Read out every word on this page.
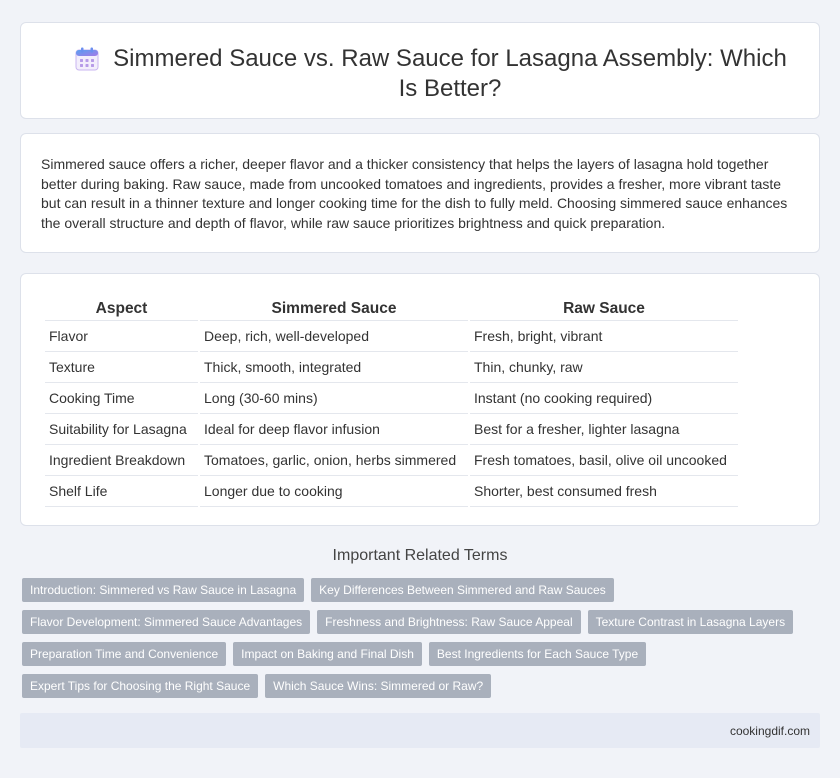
Simmered Sauce vs. Raw Sauce for Lasagna Assembly: Which Is Better?

Simmered sauce offers a richer, deeper flavor and a thicker consistency that helps the layers of lasagna hold together better during baking. Raw sauce, made from uncooked tomatoes and ingredients, provides a fresher, more vibrant taste but can result in a thinner texture and longer cooking time for the dish to fully meld. Choosing simmered sauce enhances the overall structure and depth of flavor, while raw sauce prioritizes brightness and quick preparation.

Aspect	Simmered Sauce	Raw Sauce
Flavor	Deep, rich, well-developed	Fresh, bright, vibrant
Texture	Thick, smooth, integrated	Thin, chunky, raw
Cooking Time	Long (30-60 mins)	Instant (no cooking required)
Suitability for Lasagna	Ideal for deep flavor infusion	Best for a fresher, lighter lasagna
Ingredient Breakdown	Tomatoes, garlic, onion, herbs simmered	Fresh tomatoes, basil, olive oil uncooked
Shelf Life	Longer due to cooking	Shorter, best consumed fresh
Important Related Terms
Introduction: Simmered vs Raw Sauce in Lasagna	Key Differences Between Simmered and Raw Sauces
Flavor Development: Simmered Sauce Advantages	Freshness and Brightness: Raw Sauce Appeal	Texture Contrast in Lasagna Layers
Preparation Time and Convenience	Impact on Baking and Final Dish	Best Ingredients for Each Sauce Type
Expert Tips for Choosing the Right Sauce	Which Sauce Wins: Simmered or Raw?
cookingdif.com
